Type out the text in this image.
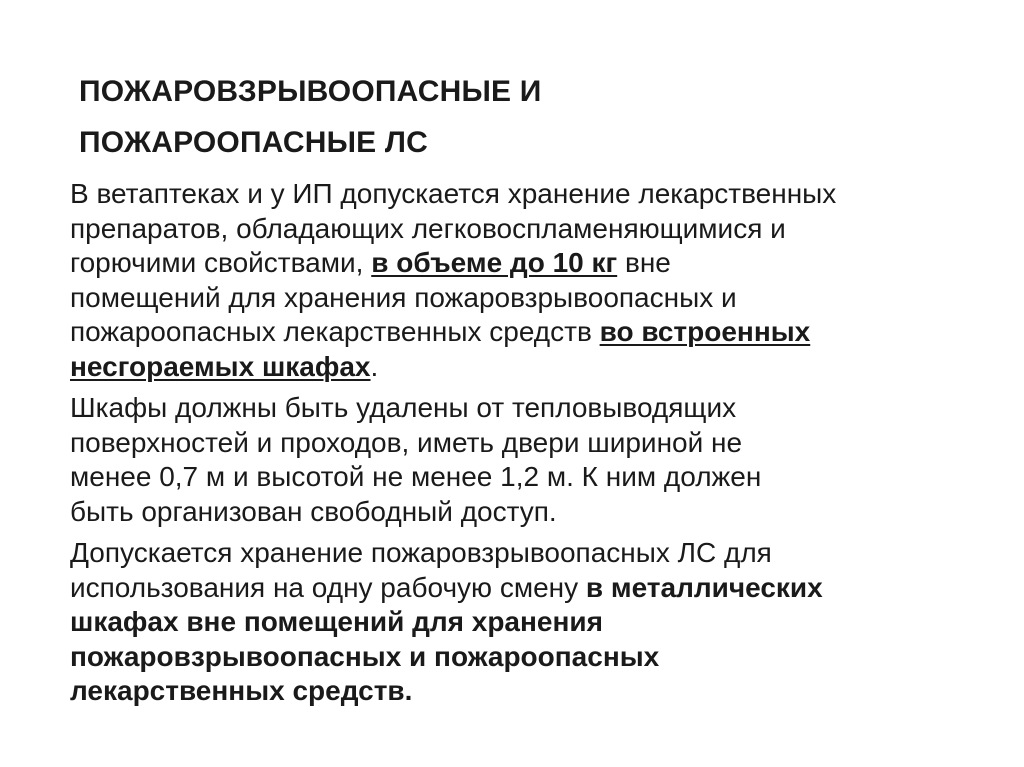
ПОЖАРОВЗРЫВООПАСНЫЕ И
ПОЖАРООПАСНЫЕ ЛС

В ветаптеках и у ИП допускается хранение лекарственных
препаратов, обладающих легковоспламеняющимися и
горючими свойствами, в объеме до 10 кг вне
помещений для хранения пожаровзрывоопасных и
пожароопасных лекарственных средств во встроенных
несгораемых шкафах.

Шкафы должны быть удалены от тепловыводящих
поверхностей и проходов, иметь двери шириной не
менее 0,7 м и высотой не менее 1,2 м. К ним должен
быть организован свободный доступ.

Допускается хранение пожаровзрывоопасных ЛС для
использования на одну рабочую смену в металлических
шкафах вне помещений для хранения
пожаровзрывоопасных и пожароопасных
лекарственных средств.
